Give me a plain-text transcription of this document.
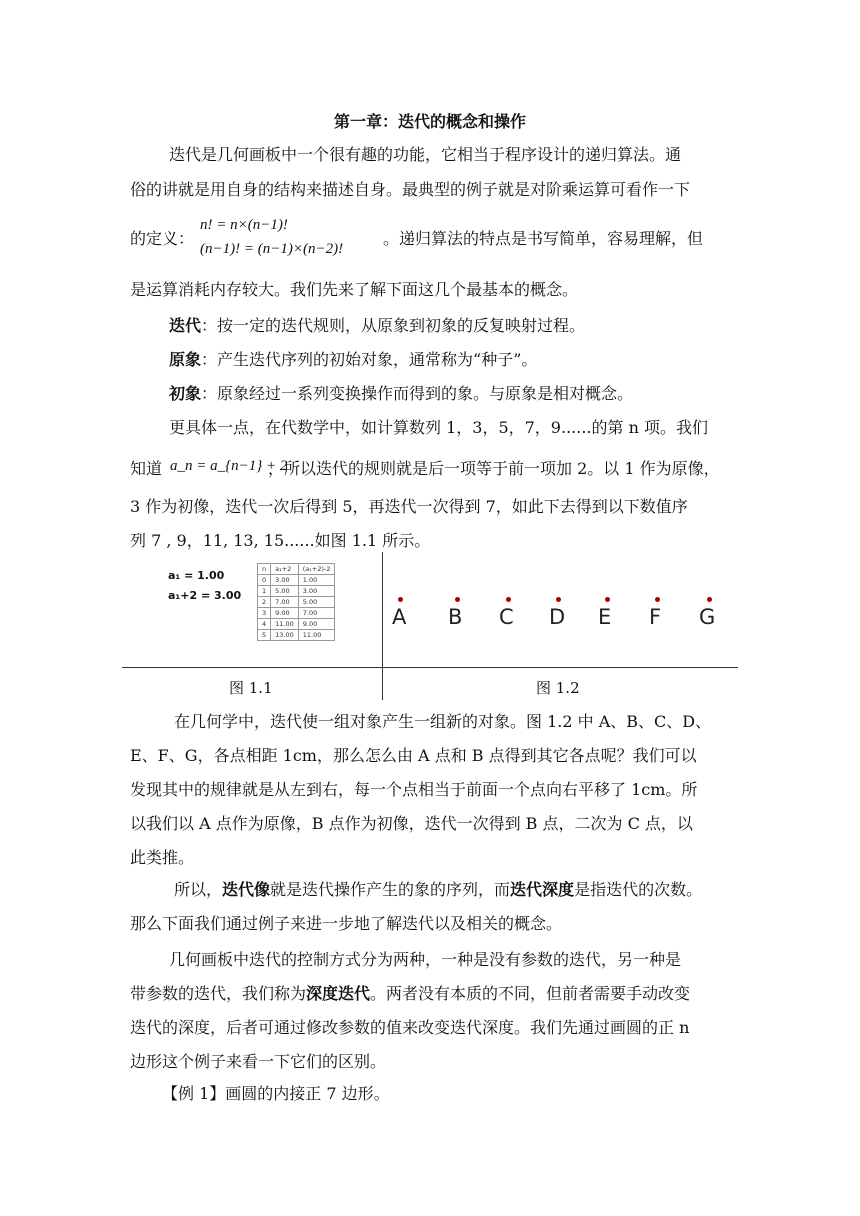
第一章：迭代的概念和操作
迭代是几何画板中一个很有趣的功能，它相当于程序设计的递归算法。通
俗的讲就是用自身的结构来描述自身。最典型的例子就是对阶乘运算可看作一下
的定义：
n! = n×(n−1)!
(n−1)! = (n−1)×(n−2)!
。递归算法的特点是书写简单，容易理解，但
是运算消耗内存较大。我们先来了解下面这几个最基本的概念。
迭代：按一定的迭代规则，从原象到初象的反复映射过程。
原象：产生迭代序列的初始对象，通常称为“种子”。
初象：原象经过一系列变换操作而得到的象。与原象是相对概念。
更具体一点，在代数学中，如计算数列 1，3，5，7，9......的第 n 项。我们
知道 a_n = a_{n−1} + 2
，所以迭代的规则就是后一项等于前一项加 2。以 1 作为原像，
3 作为初像，迭代一次后得到 5，再迭代一次得到 7，如此下去得到以下数值序
列 7 , 9，11, 13, 15......如图 1.1 所示。
a₁ = 1.00
a₁+2 = 3.00
n	a₁+2	(a₁+2)-2
0	3.00	1.00
1	5.00	3.00
2	7.00	5.00
3	9.00	7.00
4	11.00	9.00
5	13.00	11.00
A B C D E F G
图 1.1	图 1.2
在几何学中，迭代使一组对象产生一组新的对象。图 1.2 中 A、B、C、D、
E、F、G，各点相距 1cm，那么怎么由 A 点和 B 点得到其它各点呢？我们可以
发现其中的规律就是从左到右，每一个点相当于前面一个点向右平移了 1cm。所
以我们以 A 点作为原像，B 点作为初像，迭代一次得到 B 点，二次为 C 点，以
此类推。
所以，迭代像就是迭代操作产生的象的序列，而迭代深度是指迭代的次数。
那么下面我们通过例子来进一步地了解迭代以及相关的概念。
几何画板中迭代的控制方式分为两种，一种是没有参数的迭代，另一种是
带参数的迭代，我们称为深度迭代。两者没有本质的不同，但前者需要手动改变
迭代的深度，后者可通过修改参数的值来改变迭代深度。我们先通过画圆的正 n
边形这个例子来看一下它们的区别。
【例 1】画圆的内接正 7 边形。
